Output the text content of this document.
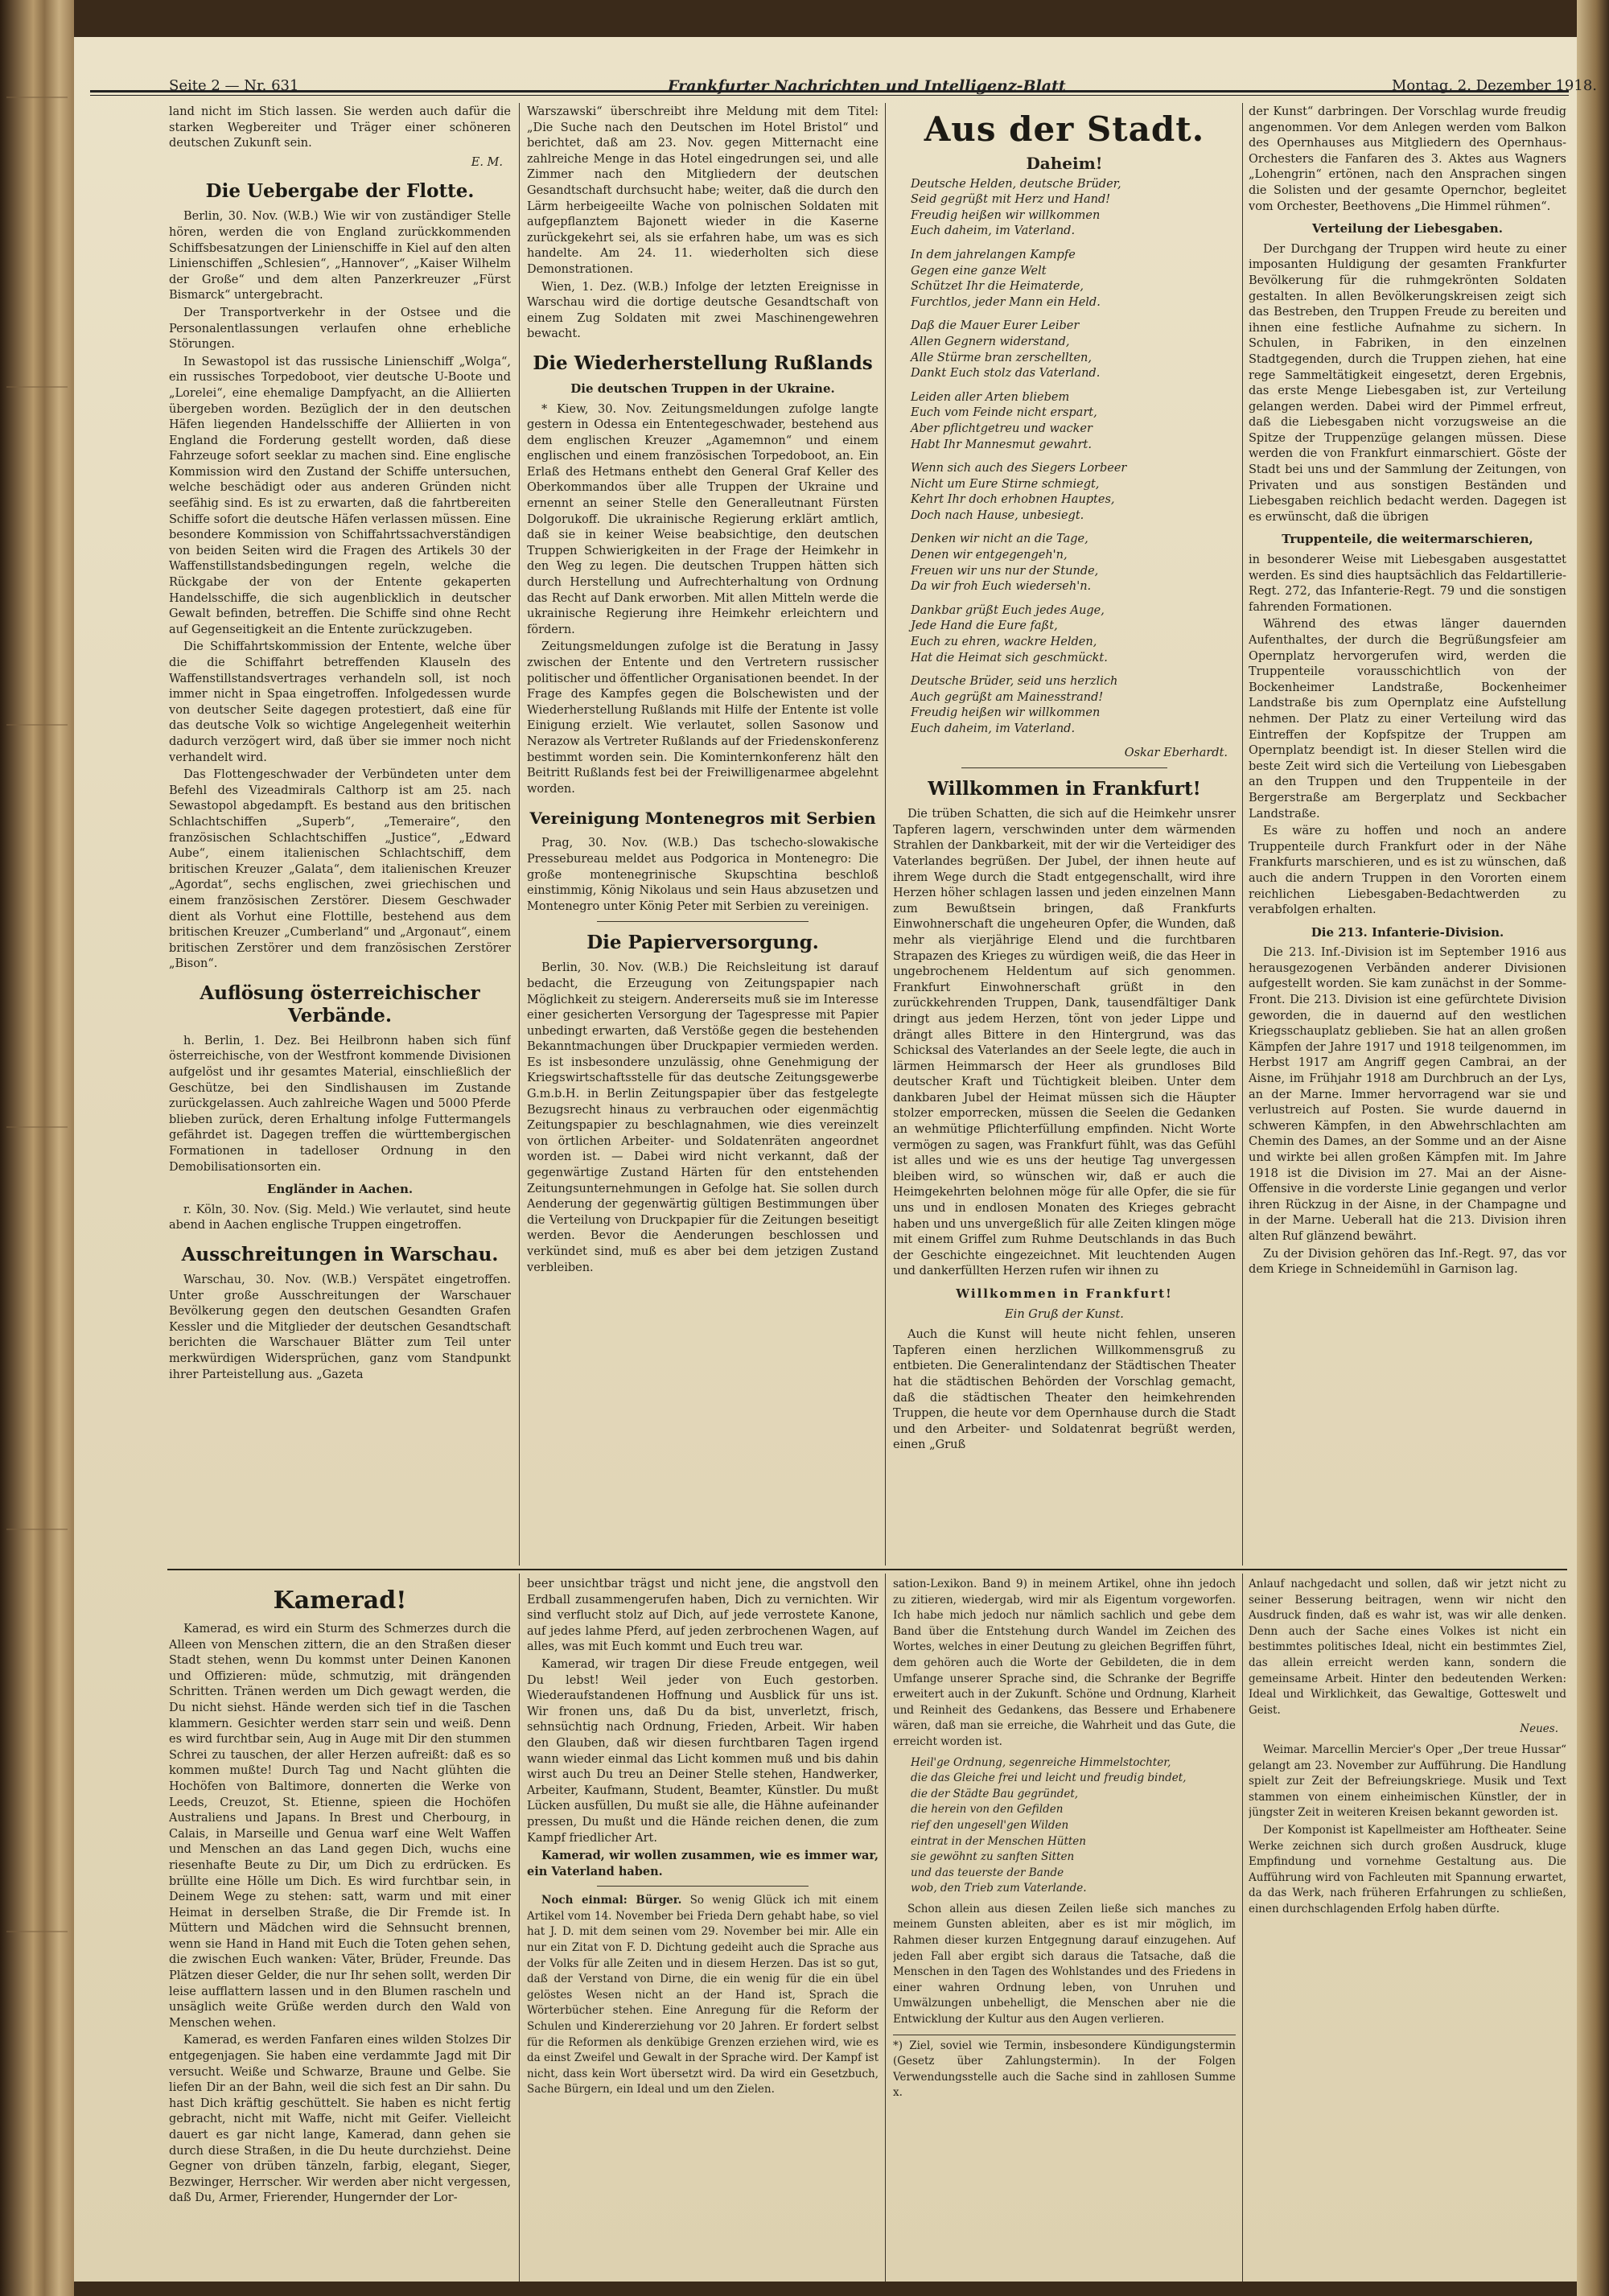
Seite 2 — Nr. 631	Frankfurter Nachrichten und Intelligenz-Blatt	Montag, 2. Dezember 1918.

land nicht im Stich lassen. Sie werden auch dafür die starken Wegbereiter und Träger einer schöneren deutschen Zukunft sein.

E. M.
Die Uebergabe der Flotte.

Berlin, 30. Nov. (W.B.) Wie wir von zuständiger Stelle hören, werden die von England zurückkommenden Schiffsbesatzungen der Linienschiffe in Kiel auf den alten Linienschiffen „Schlesien“, „Hannover“, „Kaiser Wilhelm der Große“ und dem alten Panzerkreuzer „Fürst Bismarck“ untergebracht.

Der Transportverkehr in der Ostsee und die Personalentlassungen verlaufen ohne erhebliche Störungen.

In Sewastopol ist das russische Linienschiff „Wolga“, ein russisches Torpedoboot, vier deutsche U-Boote und „Lorelei“, eine ehemalige Dampfyacht, an die Alliierten übergeben worden. Bezüglich der in den deutschen Häfen liegenden Handelsschiffe der Alliierten in von England die Forderung gestellt worden, daß diese Fahrzeuge sofort seeklar zu machen sind. Eine englische Kommission wird den Zustand der Schiffe untersuchen, welche beschädigt oder aus anderen Gründen nicht seefähig sind. Es ist zu erwarten, daß die fahrtbereiten Schiffe sofort die deutsche Häfen verlassen müssen. Eine besondere Kommission von Schiffahrtssachverständigen von beiden Seiten wird die Fragen des Artikels 30 der Waffenstillstandsbedingungen regeln, welche die Rückgabe der von der Entente gekaperten Handelsschiffe, die sich augenblicklich in deutscher Gewalt befinden, betreffen. Die Schiffe sind ohne Recht auf Gegenseitigkeit an die Entente zurückzugeben.

Die Schiffahrtskommission der Entente, welche über die die Schiffahrt betreffenden Klauseln des Waffenstillstandsvertrages verhandeln soll, ist noch immer nicht in Spaa eingetroffen. Infolgedessen wurde von deutscher Seite dagegen protestiert, daß eine für das deutsche Volk so wichtige Angelegenheit weiterhin dadurch verzögert wird, daß über sie immer noch nicht verhandelt wird.

Das Flottengeschwader der Verbündeten unter dem Befehl des Vizeadmirals Calthorp ist am 25. nach Sewastopol abgedampft. Es bestand aus den britischen Schlachtschiffen „Superb“, „Temeraire“, den französischen Schlachtschiffen „Justice“, „Edward Aube“, einem italienischen Schlachtschiff, dem britischen Kreuzer „Galata“, dem italienischen Kreuzer „Agordat“, sechs englischen, zwei griechischen und einem französischen Zerstörer. Diesem Geschwader dient als Vorhut eine Flottille, bestehend aus dem britischen Kreuzer „Cumberland“ und „Argonaut“, einem britischen Zerstörer und dem französischen Zerstörer „Bison“.

Auflösung österreichischer Verbände.

h. Berlin, 1. Dez. Bei Heilbronn haben sich fünf österreichische, von der Westfront kommende Divisionen aufgelöst und ihr gesamtes Material, einschließlich der Geschütze, bei den Sindlishausen im Zustande zurückgelassen. Auch zahlreiche Wagen und 5000 Pferde blieben zurück, deren Erhaltung infolge Futtermangels gefährdet ist. Dagegen treffen die württembergischen Formationen in tadelloser Ordnung in den Demobilisationsorten ein.

Engländer in Aachen.

r. Köln, 30. Nov. (Sig. Meld.) Wie verlautet, sind heute abend in Aachen englische Truppen eingetroffen.

Ausschreitungen in Warschau.

Warschau, 30. Nov. (W.B.) Verspätet eingetroffen. Unter große Ausschreitungen der Warschauer Bevölkerung gegen den deutschen Gesandten Grafen Kessler und die Mitglieder der deutschen Gesandtschaft berichten die Warschauer Blätter zum Teil unter merkwürdigen Widersprüchen, ganz vom Standpunkt ihrer Parteistellung aus. „Gazeta

Warszawski“ überschreibt ihre Meldung mit dem Titel: „Die Suche nach den Deutschen im Hotel Bristol“ und berichtet, daß am 23. Nov. gegen Mitternacht eine zahlreiche Menge in das Hotel eingedrungen sei, und alle Zimmer nach den Mitgliedern der deutschen Gesandtschaft durchsucht habe; weiter, daß die durch den Lärm herbeigeeilte Wache von polnischen Soldaten mit aufgepflanztem Bajonett wieder in die Kaserne zurückgekehrt sei, als sie erfahren habe, um was es sich handelte. Am 24. 11. wiederholten sich diese Demonstrationen.

Wien, 1. Dez. (W.B.) Infolge der letzten Ereignisse in Warschau wird die dortige deutsche Gesandtschaft von einem Zug Soldaten mit zwei Maschinengewehren bewacht.

Die Wiederherstellung Rußlands
Die deutschen Truppen in der Ukraine.

* Kiew, 30. Nov. Zeitungsmeldungen zufolge langte gestern in Odessa ein Ententegeschwader, bestehend aus dem englischen Kreuzer „Agamemnon“ und einem englischen und einem französischen Torpedoboot, an. Ein Erlaß des Hetmans enthebt den General Graf Keller des Oberkommandos über alle Truppen der Ukraine und ernennt an seiner Stelle den Generalleutnant Fürsten Dolgorukoff. Die ukrainische Regierung erklärt amtlich, daß sie in keiner Weise beabsichtige, den deutschen Truppen Schwierigkeiten in der Frage der Heimkehr in den Weg zu legen. Die deutschen Truppen hätten sich durch Herstellung und Aufrechterhaltung von Ordnung das Recht auf Dank erworben. Mit allen Mitteln werde die ukrainische Regierung ihre Heimkehr erleichtern und fördern.

Zeitungsmeldungen zufolge ist die Beratung in Jassy zwischen der Entente und den Vertretern russischer politischer und öffentlicher Organisationen beendet. In der Frage des Kampfes gegen die Bolschewisten und der Wiederherstellung Rußlands mit Hilfe der Entente ist volle Einigung erzielt. Wie verlautet, sollen Sasonow und Nerazow als Vertreter Rußlands auf der Friedenskonferenz bestimmt worden sein. Die Kominternkonferenz hält den Beitritt Rußlands fest bei der Freiwilligenarmee abgelehnt worden.

Vereinigung Montenegros mit Serbien

Prag, 30. Nov. (W.B.) Das tschecho-slowakische Pressebureau meldet aus Podgorica in Montenegro: Die große montenegrinische Skupschtina beschloß einstimmig, König Nikolaus und sein Haus abzusetzen und Montenegro unter König Peter mit Serbien zu vereinigen.

Die Papierversorgung.

Berlin, 30. Nov. (W.B.) Die Reichsleitung ist darauf bedacht, die Erzeugung von Zeitungspapier nach Möglichkeit zu steigern. Andererseits muß sie im Interesse einer gesicherten Versorgung der Tagespresse mit Papier unbedingt erwarten, daß Verstöße gegen die bestehenden Bekanntmachungen über Druckpapier vermieden werden. Es ist insbesondere unzulässig, ohne Genehmigung der Kriegswirtschaftsstelle für das deutsche Zeitungsgewerbe G.m.b.H. in Berlin Zeitungspapier über das festgelegte Bezugsrecht hinaus zu verbrauchen oder eigenmächtig Zeitungspapier zu beschlagnahmen, wie dies vereinzelt von örtlichen Arbeiter- und Soldatenräten angeordnet worden ist. — Dabei wird nicht verkannt, daß der gegenwärtige Zustand Härten für den entstehenden Zeitungsunternehmungen in Gefolge hat. Sie sollen durch Aenderung der gegenwärtig gültigen Bestimmungen über die Verteilung von Druckpapier für die Zeitungen beseitigt werden. Bevor die Aenderungen beschlossen und verkündet sind, muß es aber bei dem jetzigen Zustand verbleiben.

Aus der Stadt.
Daheim!
Deutsche Helden, deutsche Brüder,
Seid gegrüßt mit Herz und Hand!
Freudig heißen wir willkommen
Euch daheim, im Vaterland.
In dem jahrelangen Kampfe
Gegen eine ganze Welt
Schützet Ihr die Heimaterde,
Furchtlos, jeder Mann ein Held.
Daß die Mauer Eurer Leiber
Allen Gegnern widerstand,
Alle Stürme bran zerschellten,
Dankt Euch stolz das Vaterland.
Leiden aller Arten bliebem
Euch vom Feinde nicht erspart,
Aber pflichtgetreu und wacker
Habt Ihr Mannesmut gewahrt.
Wenn sich auch des Siegers Lorbeer
Nicht um Eure Stirne schmiegt,
Kehrt Ihr doch erhobnen Hauptes,
Doch nach Hause, unbesiegt.
Denken wir nicht an die Tage,
Denen wir entgegengeh'n,
Freuen wir uns nur der Stunde,
Da wir froh Euch wiederseh'n.
Dankbar grüßt Euch jedes Auge,
Jede Hand die Eure faßt,
Euch zu ehren, wackre Helden,
Hat die Heimat sich geschmückt.
Deutsche Brüder, seid uns herzlich
Auch gegrüßt am Mainesstrand!
Freudig heißen wir willkommen
Euch daheim, im Vaterland.
Oskar Eberhardt.
Willkommen in Frankfurt!

Die trüben Schatten, die sich auf die Heimkehr unsrer Tapferen lagern, verschwinden unter dem wärmenden Strahlen der Dankbarkeit, mit der wir die Verteidiger des Vaterlandes begrüßen. Der Jubel, der ihnen heute auf ihrem Wege durch die Stadt entgegenschallt, wird ihre Herzen höher schlagen lassen und jeden einzelnen Mann zum Bewußtsein bringen, daß Frankfurts Einwohnerschaft die ungeheuren Opfer, die Wunden, daß mehr als vierjährige Elend und die furchtbaren Strapazen des Krieges zu würdigen weiß, die das Heer in ungebrochenem Heldentum auf sich genommen. Frankfurt Einwohnerschaft grüßt in den zurückkehrenden Truppen, Dank, tausendfältiger Dank dringt aus jedem Herzen, tönt von jeder Lippe und drängt alles Bittere in den Hintergrund, was das Schicksal des Vaterlandes an der Seele legte, die auch in lärmen Heimmarsch der Heer als grundloses Bild deutscher Kraft und Tüchtigkeit bleiben. Unter dem dankbaren Jubel der Heimat müssen sich die Häupter stolzer emporrecken, müssen die Seelen die Gedanken an wehmütige Pflichterfüllung empfinden. Nicht Worte vermögen zu sagen, was Frankfurt fühlt, was das Gefühl ist alles und wie es uns der heutige Tag unvergessen bleiben wird, so wünschen wir, daß er auch die Heimgekehrten belohnen möge für alle Opfer, die sie für uns und in endlosen Monaten des Krieges gebracht haben und uns unvergeßlich für alle Zeiten klingen möge mit einem Griffel zum Ruhme Deutschlands in das Buch der Geschichte eingezeichnet. Mit leuchtenden Augen und dankerfüllten Herzen rufen wir ihnen zu

Willkommen in Frankfurt!
Ein Gruß der Kunst.

Auch die Kunst will heute nicht fehlen, unseren Tapferen einen herzlichen Willkommensgruß zu entbieten. Die Generalintendanz der Städtischen Theater hat die städtischen Behörden der Vorschlag gemacht, daß die städtischen Theater den heimkehrenden Truppen, die heute vor dem Opernhause durch die Stadt und den Arbeiter- und Soldatenrat begrüßt werden, einen „Gruß

der Kunst“ darbringen. Der Vorschlag wurde freudig angenommen. Vor dem Anlegen werden vom Balkon des Opernhauses aus Mitgliedern des Opernhaus-Orchesters die Fanfaren des 3. Aktes aus Wagners „Lohengrin“ ertönen, nach den Ansprachen singen die Solisten und der gesamte Opernchor, begleitet vom Orchester, Beethovens „Die Himmel rühmen“.

Verteilung der Liebesgaben.

Der Durchgang der Truppen wird heute zu einer imposanten Huldigung der gesamten Frankfurter Bevölkerung für die ruhmgekrönten Soldaten gestalten. In allen Bevölkerungskreisen zeigt sich das Bestreben, den Truppen Freude zu bereiten und ihnen eine festliche Aufnahme zu sichern. In Schulen, in Fabriken, in den einzelnen Stadtgegenden, durch die Truppen ziehen, hat eine rege Sammeltätigkeit eingesetzt, deren Ergebnis, das erste Menge Liebesgaben ist, zur Verteilung gelangen werden. Dabei wird der Pimmel erfreut, daß die Liebesgaben nicht vorzugsweise an die Spitze der Truppenzüge gelangen müssen. Diese werden die von Frankfurt einmarschiert. Göste der Stadt bei uns und der Sammlung der Zeitungen, von Privaten und aus sonstigen Beständen und Liebesgaben reichlich bedacht werden. Dagegen ist es erwünscht, daß die übrigen

Truppenteile, die weitermarschieren,

in besonderer Weise mit Liebesgaben ausgestattet werden. Es sind dies hauptsächlich das Feldartillerie-Regt. 272, das Infanterie-Regt. 79 und die sonstigen fahrenden Formationen.

Während des etwas länger dauernden Aufenthaltes, der durch die Begrüßungsfeier am Opernplatz hervorgerufen wird, werden die Truppenteile vorausschichtlich von der Bockenheimer Landstraße, Bockenheimer Landstraße bis zum Opernplatz eine Aufstellung nehmen. Der Platz zu einer Verteilung wird das Eintreffen der Kopfspitze der Truppen am Opernplatz beendigt ist. In dieser Stellen wird die beste Zeit wird sich die Verteilung von Liebesgaben an den Truppen und den Truppenteile in der Bergerstraße am Bergerplatz und Seckbacher Landstraße.

Es wäre zu hoffen und noch an andere Truppenteile durch Frankfurt oder in der Nähe Frankfurts marschieren, und es ist zu wünschen, daß auch die andern Truppen in den Vororten einem reichlichen Liebesgaben-Bedachtwerden zu verabfolgen erhalten.

Die 213. Infanterie-Division.

Die 213. Inf.-Division ist im September 1916 aus herausgezogenen Verbänden anderer Divisionen aufgestellt worden. Sie kam zunächst in der Somme-Front. Die 213. Division ist eine gefürchtete Division geworden, die in dauernd auf den westlichen Kriegsschauplatz geblieben. Sie hat an allen großen Kämpfen der Jahre 1917 und 1918 teilgenommen, im Herbst 1917 am Angriff gegen Cambrai, an der Aisne, im Frühjahr 1918 am Durchbruch an der Lys, an der Marne. Immer hervorragend war sie und verlustreich auf Posten. Sie wurde dauernd in schweren Kämpfen, in den Abwehrschlachten am Chemin des Dames, an der Somme und an der Aisne und wirkte bei allen großen Kämpfen mit. Im Jahre 1918 ist die Division im 27. Mai an der Aisne-Offensive in die vorderste Linie gegangen und verlor ihren Rückzug in der Aisne, in der Champagne und in der Marne. Ueberall hat die 213. Division ihren alten Ruf glänzend bewährt.

Zu der Division gehören das Inf.-Regt. 97, das vor dem Kriege in Schneidemühl in Garnison lag.

Kamerad!

Kamerad, es wird ein Sturm des Schmerzes durch die Alleen von Menschen zittern, die an den Straßen dieser Stadt stehen, wenn Du kommst unter Deinen Kanonen und Offizieren: müde, schmutzig, mit drängenden Schritten. Tränen werden um Dich gewagt werden, die Du nicht siehst. Hände werden sich tief in die Taschen klammern. Gesichter werden starr sein und weiß. Denn es wird furchtbar sein, Aug in Auge mit Dir den stummen Schrei zu tauschen, der aller Herzen aufreißt: daß es so kommen mußte! Durch Tag und Nacht glühten die Hochöfen von Baltimore, donnerten die Werke von Leeds, Creuzot, St. Etienne, spieen die Hochöfen Australiens und Japans. In Brest und Cherbourg, in Calais, in Marseille und Genua warf eine Welt Waffen und Menschen an das Land gegen Dich, wuchs eine riesenhafte Beute zu Dir, um Dich zu erdrücken. Es brüllte eine Hölle um Dich. Es wird furchtbar sein, in Deinem Wege zu stehen: satt, warm und mit einer Heimat in derselben Straße, die Dir Fremde ist. In Müttern und Mädchen wird die Sehnsucht brennen, wenn sie Hand in Hand mit Euch die Toten gehen sehen, die zwischen Euch wanken: Väter, Brüder, Freunde. Das Plätzen dieser Gelder, die nur Ihr sehen sollt, werden Dir leise aufflattern lassen und in den Blumen rascheln und unsäglich weite Grüße werden durch den Wald von Menschen wehen.

Kamerad, es werden Fanfaren eines wilden Stolzes Dir entgegenjagen. Sie haben eine verdammte Jagd mit Dir versucht. Weiße und Schwarze, Braune und Gelbe. Sie liefen Dir an der Bahn, weil die sich fest an Dir sahn. Du hast Dich kräftig geschüttelt. Sie haben es nicht fertig gebracht, nicht mit Waffe, nicht mit Geifer. Vielleicht dauert es gar nicht lange, Kamerad, dann gehen sie durch diese Straßen, in die Du heute durchziehst. Deine Gegner von drüben tänzeln, farbig, elegant, Sieger, Bezwinger, Herrscher. Wir werden aber nicht vergessen, daß Du, Armer, Frierender, Hungernder der Lor-

beer unsichtbar trägst und nicht jene, die angstvoll den Erdball zusammengerufen haben, Dich zu vernichten. Wir sind verflucht stolz auf Dich, auf jede verrostete Kanone, auf jedes lahme Pferd, auf jeden zerbrochenen Wagen, auf alles, was mit Euch kommt und Euch treu war.

Kamerad, wir tragen Dir diese Freude entgegen, weil Du lebst! Weil jeder von Euch gestorben. Wiederaufstandenen Hoffnung und Ausblick für uns ist. Wir fronen uns, daß Du da bist, unverletzt, frisch, sehnsüchtig nach Ordnung, Frieden, Arbeit. Wir haben den Glauben, daß wir diesen furchtbaren Tagen irgend wann wieder einmal das Licht kommen muß und bis dahin wirst auch Du treu an Deiner Stelle stehen, Handwerker, Arbeiter, Kaufmann, Student, Beamter, Künstler. Du mußt Lücken ausfüllen, Du mußt sie alle, die Hähne aufeinander pressen, Du mußt und die Hände reichen denen, die zum Kampf friedlicher Art.

Kamerad, wir wollen zusammen, wie es immer war, ein Vaterland haben.

Noch einmal: Bürger. So wenig Glück ich mit einem Artikel vom 14. November bei Frieda Dern gehabt habe, so viel hat J. D. mit dem seinen vom 29. November bei mir. Alle ein nur ein Zitat von F. D. Dichtung gedeiht auch die Sprache aus der Volks für alle Zeiten und in diesem Herzen. Das ist so gut, daß der Verstand von Dirne, die ein wenig für die ein übel gelöstes Wesen nicht an der Hand ist, Sprach die Wörterbücher stehen. Eine Anregung für die Reform der Schulen und Kindererziehung vor 20 Jahren. Er fordert selbst für die Reformen als denkübige Grenzen erziehen wird, wie es da einst Zweifel und Gewalt in der Sprache wird. Der Kampf ist nicht, dass kein Wort übersetzt wird. Da wird ein Gesetzbuch, Sache Bürgern, ein Ideal und um den Zielen.

sation-Lexikon. Band 9) in meinem Artikel, ohne ihn jedoch zu zitieren, wiedergab, wird mir als Eigentum vorgeworfen. Ich habe mich jedoch nur nämlich sachlich und gebe dem Band über die Entstehung durch Wandel im Zeichen des Wortes, welches in einer Deutung zu gleichen Begriffen führt, dem gehören auch die Worte der Gebildeten, die in dem Umfange unserer Sprache sind, die Schranke der Begriffe erweitert auch in der Zukunft. Schöne und Ordnung, Klarheit und Reinheit des Gedankens, das Bessere und Erhabenere wären, daß man sie erreiche, die Wahrheit und das Gute, die erreicht worden ist.

Heil'ge Ordnung, segenreiche Himmelstochter,
die das Gleiche frei und leicht und freudig bindet,
die der Städte Bau gegründet,
die herein von den Gefilden
rief den ungesell'gen Wilden
eintrat in der Menschen Hütten
sie gewöhnt zu sanften Sitten
und das teuerste der Bande
wob, den Trieb zum Vaterlande.

Schon allein aus diesen Zeilen ließe sich manches zu meinem Gunsten ableiten, aber es ist mir möglich, im Rahmen dieser kurzen Entgegnung darauf einzugehen. Auf jeden Fall aber ergibt sich daraus die Tatsache, daß die Menschen in den Tagen des Wohlstandes und des Friedens in einer wahren Ordnung leben, von Unruhen und Umwälzungen unbehelligt, die Menschen aber nie die Entwicklung der Kultur aus den Augen verlieren.

*) Ziel, soviel wie Termin, insbesondere Kündigungstermin (Gesetz über Zahlungstermin). In der Folgen Verwendungsstelle auch die Sache sind in zahllosen Summe x.

Anlauf nachgedacht und sollen, daß wir jetzt nicht zu seiner Besserung beitragen, wenn wir nicht den Ausdruck finden, daß es wahr ist, was wir alle denken. Denn auch der Sache eines Volkes ist nicht ein bestimmtes politisches Ideal, nicht ein bestimmtes Ziel, das allein erreicht werden kann, sondern die gemeinsame Arbeit. Hinter den bedeutenden Werken: Ideal und Wirklichkeit, das Gewaltige, Gotteswelt und Geist.

Neues.

Weimar. Marcellin Mercier's Oper „Der treue Hussar“ gelangt am 23. November zur Aufführung. Die Handlung spielt zur Zeit der Befreiungskriege. Musik und Text stammen von einem einheimischen Künstler, der in jüngster Zeit in weiteren Kreisen bekannt geworden ist.

Der Komponist ist Kapellmeister am Hoftheater. Seine Werke zeichnen sich durch großen Ausdruck, kluge Empfindung und vornehme Gestaltung aus. Die Aufführung wird von Fachleuten mit Spannung erwartet, da das Werk, nach früheren Erfahrungen zu schließen, einen durchschlagenden Erfolg haben dürfte.
